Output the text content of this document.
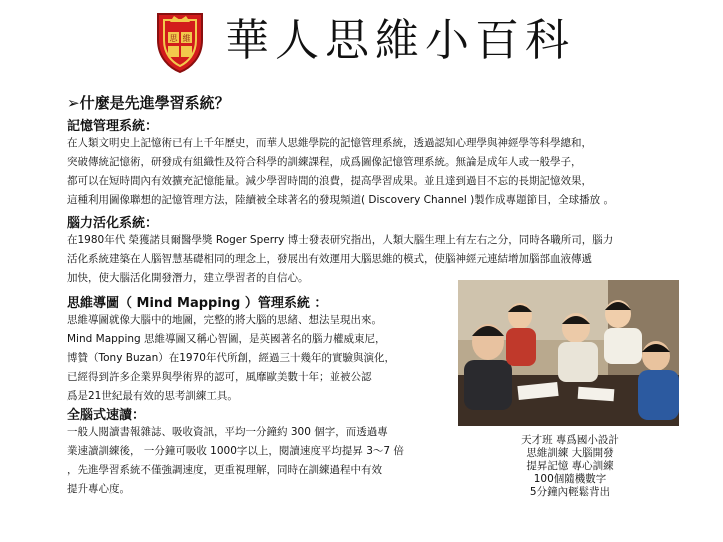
思 維 華人思維小百科
➢什麼是先進學習系統？
記憶管理系統：
在人類文明史上記憶術已有上千年歷史，而華人思維學院的記憶管理系統，透過認知心理學與神經學等科學總和，
突破傳統記憶術，研發成有組織性及符合科學的訓練課程，成爲圖像記憶管理系統。無論是成年人或一般學子，
都可以在短時間內有效擴充記憶能量。減少學習時間的浪費，提高學習成果。並且達到過目不忘的長期記憶效果，
這種利用圖像聯想的記憶管理方法，陸續被全球著名的發現頻道( Discovery Channel )製作成專題節目，全球播放 。
腦力活化系統：
在1980年代 榮獲諾貝爾醫學獎 Roger Sperry 博士發表研究指出，人類大腦生理上有左右之分，同時各職所司，腦力
活化系統建築在人腦智慧基礎相同的理念上，發展出有效運用大腦思維的模式，使腦神經元連結增加腦部血液傳遞
加快，使大腦活化開發潛力，建立學習者的自信心。
思維導圖（ Mind Mapping ）管理系統 ：
思維導圖就像大腦中的地圖，完整的將大腦的思緒、想法呈現出來。
Mind Mapping 思維導圖又稱心智圖，是英國著名的腦力權威東尼，
博贊（Tony Buzan）在1970年代所創，經過三十幾年的實驗與演化，
已經得到許多企業界與學術界的認可，風靡歐美數十年；並被公認
爲是21世紀最有效的思考訓練工具。
全腦式速讀：
一般人閱讀書報雜誌、吸收資訊，平均一分鐘約 300 個字，而透過專
業速讀訓練後， 一分鐘可吸收 1000字以上，閱讀速度平均提昇 3～7 倍
，先進學習系統不僅強調速度，更重視理解，同時在訓練過程中有效
提升專心度。
天才班 專爲國小設計
思維訓練 大腦開發
提昇記憶 專心訓練
100個隨機數字
5分鐘內輕鬆背出
